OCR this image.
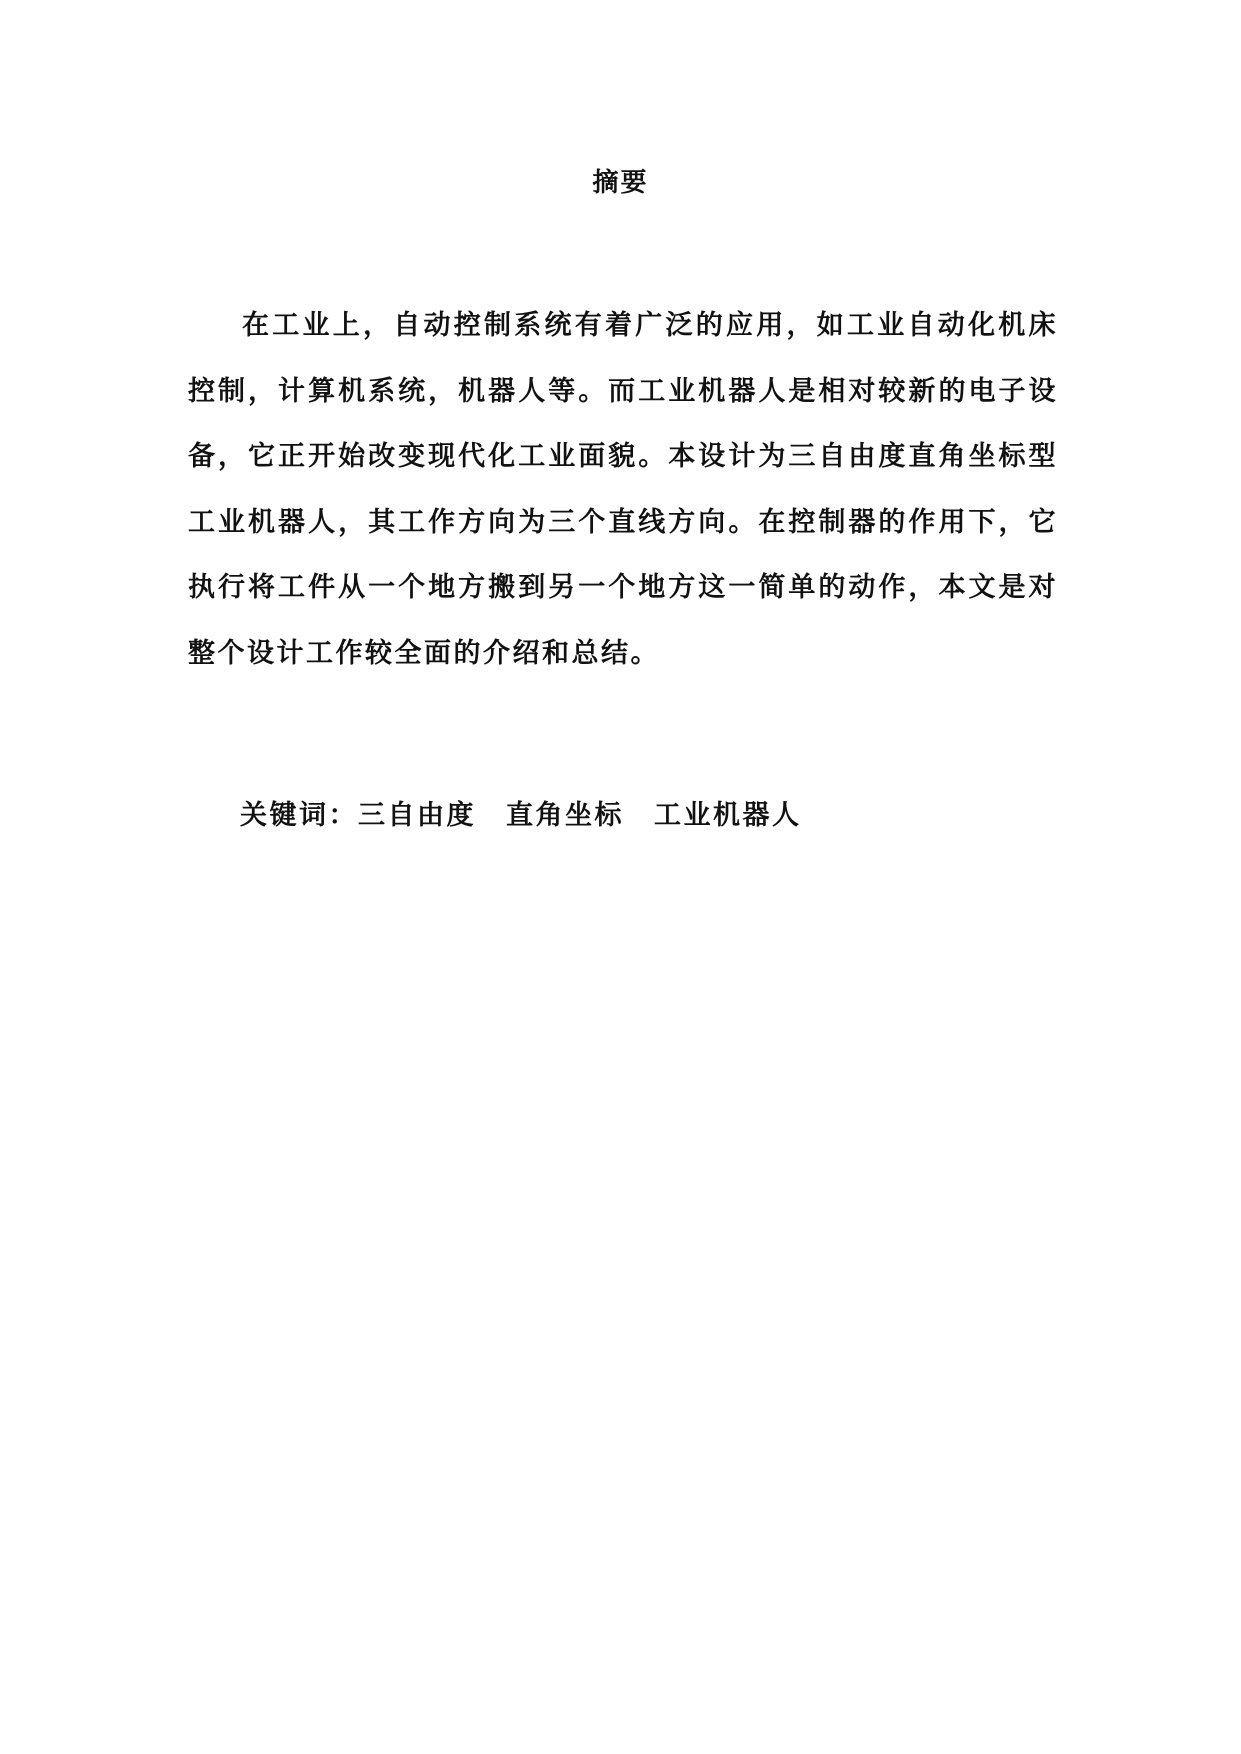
摘要

在工业上，自动控制系统有着广泛的应用，如工业自动化机床控制，计算机系统，机器人等。而工业机器人是相对较新的电子设备，它正开始改变现代化工业面貌。本设计为三自由度直角坐标型工业机器人，其工作方向为三个直线方向。在控制器的作用下，它执行将工件从一个地方搬到另一个地方这一简单的动作，本文是对整个设计工作较全面的介绍和总结。

关键词：三自由度 直角坐标 工业机器人
